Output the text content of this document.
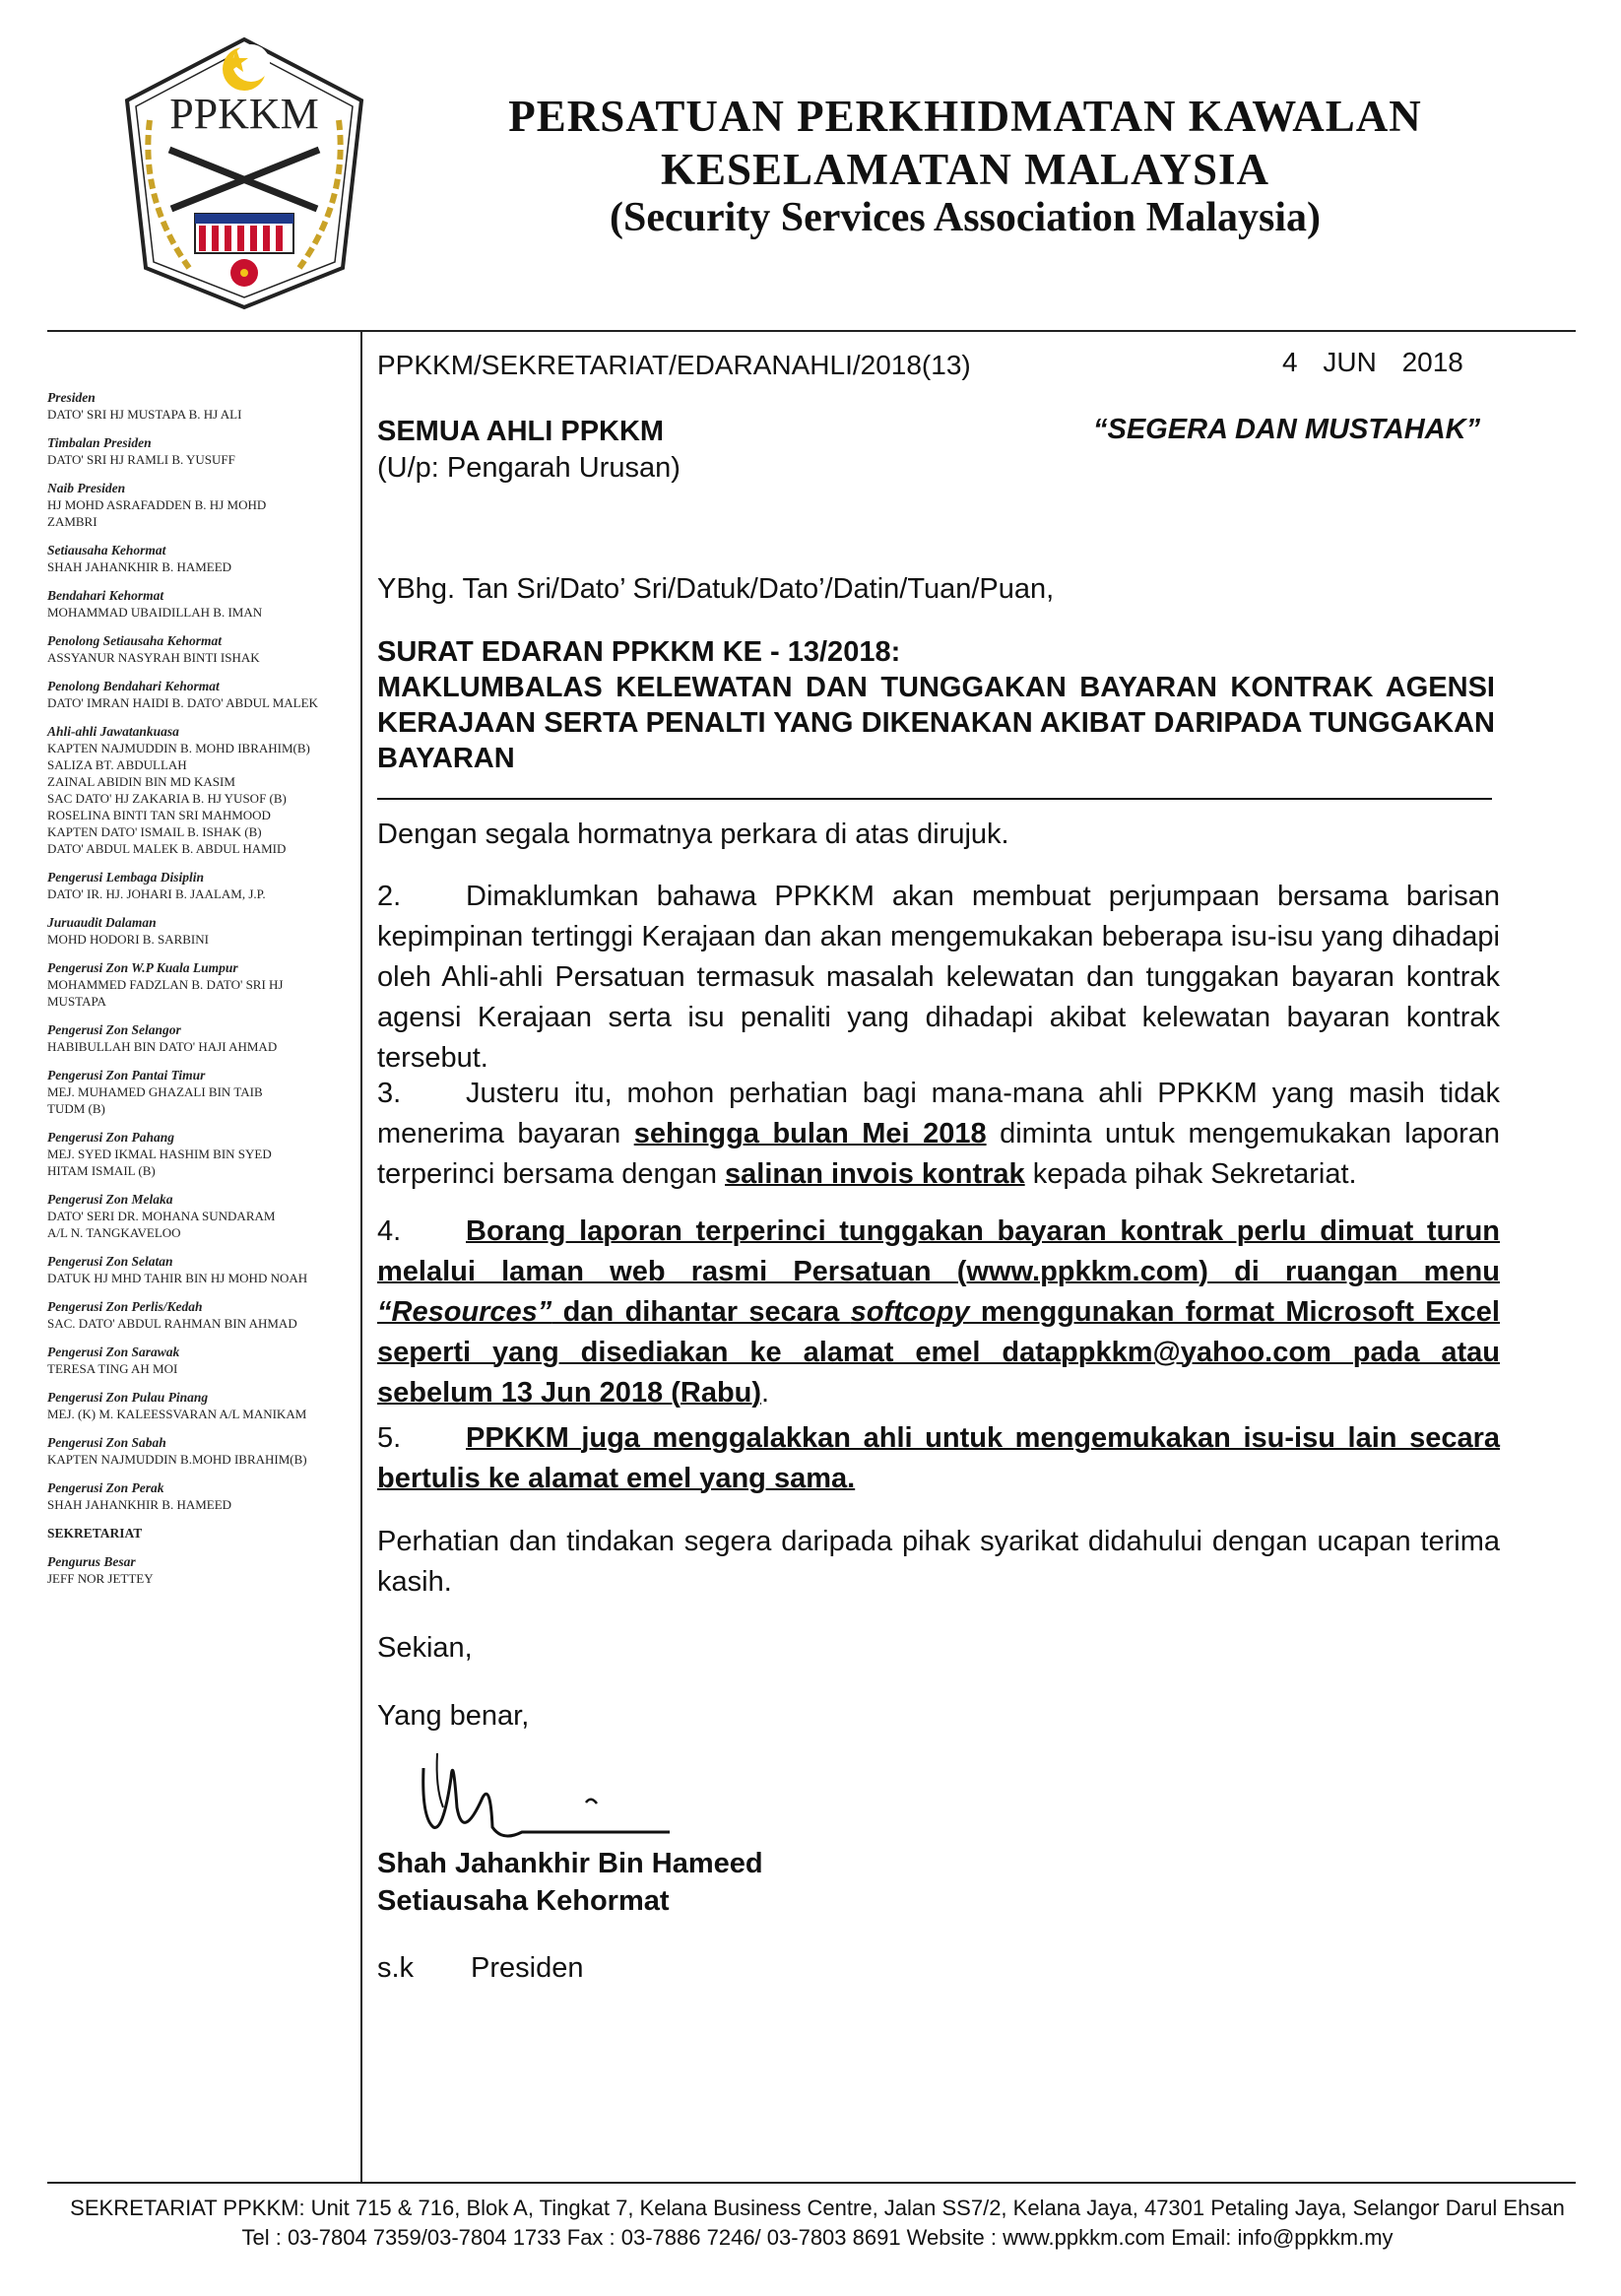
PPKKM	PERSATUAN PERKHIDMATAN KAWALAN
KESELAMATAN MALAYSIA
(Security Services Association Malaysia)
Presiden
DATO' SRI HJ MUSTAPA B. HJ ALI
Timbalan Presiden
DATO' SRI HJ RAMLI B. YUSUFF
Naib Presiden
HJ MOHD ASRAFADDEN B. HJ MOHD
ZAMBRI
Setiausaha Kehormat
SHAH JAHANKHIR B. HAMEED
Bendahari Kehormat
MOHAMMAD UBAIDILLAH B. IMAN
Penolong Setiausaha Kehormat
ASSYANUR NASYRAH BINTI ISHAK
Penolong Bendahari Kehormat
DATO' IMRAN HAIDI B. DATO' ABDUL MALEK
Ahli-ahli Jawatankuasa
KAPTEN NAJMUDDIN B. MOHD IBRAHIM(B)
SALIZA BT. ABDULLAH
ZAINAL ABIDIN BIN MD KASIM
SAC DATO' HJ ZAKARIA B. HJ YUSOF (B)
ROSELINA BINTI TAN SRI MAHMOOD
KAPTEN DATO' ISMAIL B. ISHAK (B)
DATO' ABDUL MALEK B. ABDUL HAMID
Pengerusi Lembaga Disiplin
DATO' IR. HJ. JOHARI B. JAALAM, J.P.
Juruaudit Dalaman
MOHD HODORI B. SARBINI
Pengerusi Zon W.P Kuala Lumpur
MOHAMMED FADZLAN B. DATO' SRI HJ
MUSTAPA
Pengerusi Zon Selangor
HABIBULLAH BIN DATO' HAJI AHMAD
Pengerusi Zon Pantai Timur
MEJ. MUHAMED GHAZALI BIN TAIB
TUDM (B)
Pengerusi Zon Pahang
MEJ. SYED IKMAL HASHIM BIN SYED
HITAM ISMAIL (B)
Pengerusi Zon Melaka
DATO' SERI DR. MOHANA SUNDARAM
A/L N. TANGKAVELOO
Pengerusi Zon Selatan
DATUK HJ MHD TAHIR BIN HJ MOHD NOAH
Pengerusi Zon Perlis/Kedah
SAC. DATO' ABDUL RAHMAN BIN AHMAD
Pengerusi Zon Sarawak
TERESA TING AH MOI
Pengerusi Zon Pulau Pinang
MEJ. (K) M. KALEESSVARAN A/L MANIKAM
Pengerusi Zon Sabah
KAPTEN NAJMUDDIN B.MOHD IBRAHIM(B)
Pengerusi Zon Perak
SHAH JAHANKHIR B. HAMEED
SEKRETARIAT
Pengurus Besar
JEFF NOR JETTEY
PPKKM/SEKRETARIAT/EDARANAHLI/2018(13)	4 JUN 2018
SEMUA AHLI PPKKM
(U/p: Pengarah Urusan)
“SEGERA DAN MUSTAHAK”
YBhg. Tan Sri/Dato’ Sri/Datuk/Dato’/Datin/Tuan/Puan,
SURAT EDARAN PPKKM KE - 13/2018:
MAKLUMBALAS KELEWATAN DAN TUNGGAKAN BAYARAN KONTRAK AGENSI KERAJAAN SERTA PENALTI YANG DIKENAKAN AKIBAT DARIPADA TUNGGAKAN BAYARAN
Dengan segala hormatnya perkara di atas dirujuk.
2. Dimaklumkan bahawa PPKKM akan membuat perjumpaan bersama barisan kepimpinan tertinggi Kerajaan dan akan mengemukakan beberapa isu-isu yang dihadapi oleh Ahli-ahli Persatuan termasuk masalah kelewatan dan tunggakan bayaran kontrak agensi Kerajaan serta isu penaliti yang dihadapi akibat kelewatan bayaran kontrak tersebut.
3. Justeru itu, mohon perhatian bagi mana-mana ahli PPKKM yang masih tidak menerima bayaran sehingga bulan Mei 2018 diminta untuk mengemukakan laporan terperinci bersama dengan salinan invois kontrak kepada pihak Sekretariat.
4. Borang laporan terperinci tunggakan bayaran kontrak perlu dimuat turun melalui laman web rasmi Persatuan (www.ppkkm.com) di ruangan menu “Resources” dan dihantar secara softcopy menggunakan format Microsoft Excel seperti yang disediakan ke alamat emel datappkkm@yahoo.com pada atau sebelum 13 Jun 2018 (Rabu).
5. PPKKM juga menggalakkan ahli untuk mengemukakan isu-isu lain secara bertulis ke alamat emel yang sama.
Perhatian dan tindakan segera daripada pihak syarikat didahului dengan ucapan terima kasih.
Sekian,
Yang benar,
Shah Jahankhir Bin Hameed
Setiausaha Kehormat
s.k Presiden
SEKRETARIAT PPKKM: Unit 715 & 716, Blok A, Tingkat 7, Kelana Business Centre, Jalan SS7/2, Kelana Jaya, 47301 Petaling Jaya, Selangor Darul Ehsan
Tel : 03-7804 7359/03-7804 1733 Fax : 03-7886 7246/ 03-7803 8691 Website : www.ppkkm.com Email: info@ppkkm.my
